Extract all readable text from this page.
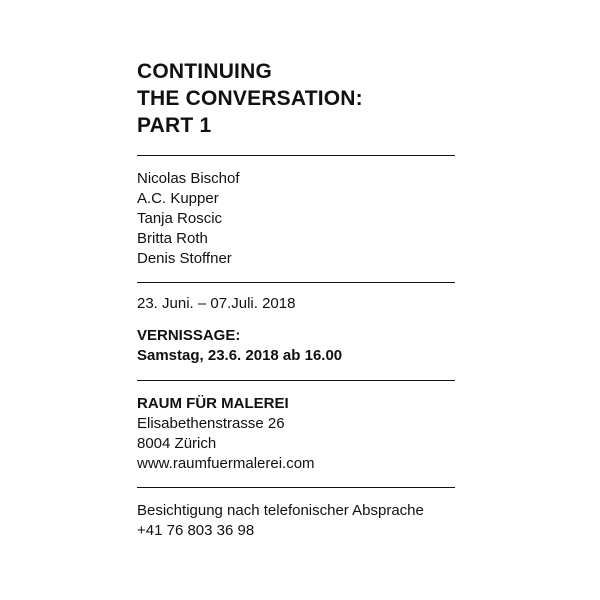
CONTINUING
THE CONVERSATION:
PART 1
Nicolas Bischof
A.C. Kupper
Tanja Roscic
Britta Roth
Denis Stoffner
23. Juni. – 07.Juli. 2018
VERNISSAGE:
Samstag, 23.6. 2018 ab 16.00
RAUM FÜR MALEREI
Elisabethenstrasse 26
8004 Zürich
www.raumfuermalerei.com
Besichtigung nach telefonischer Absprache
+41 76 803 36 98
